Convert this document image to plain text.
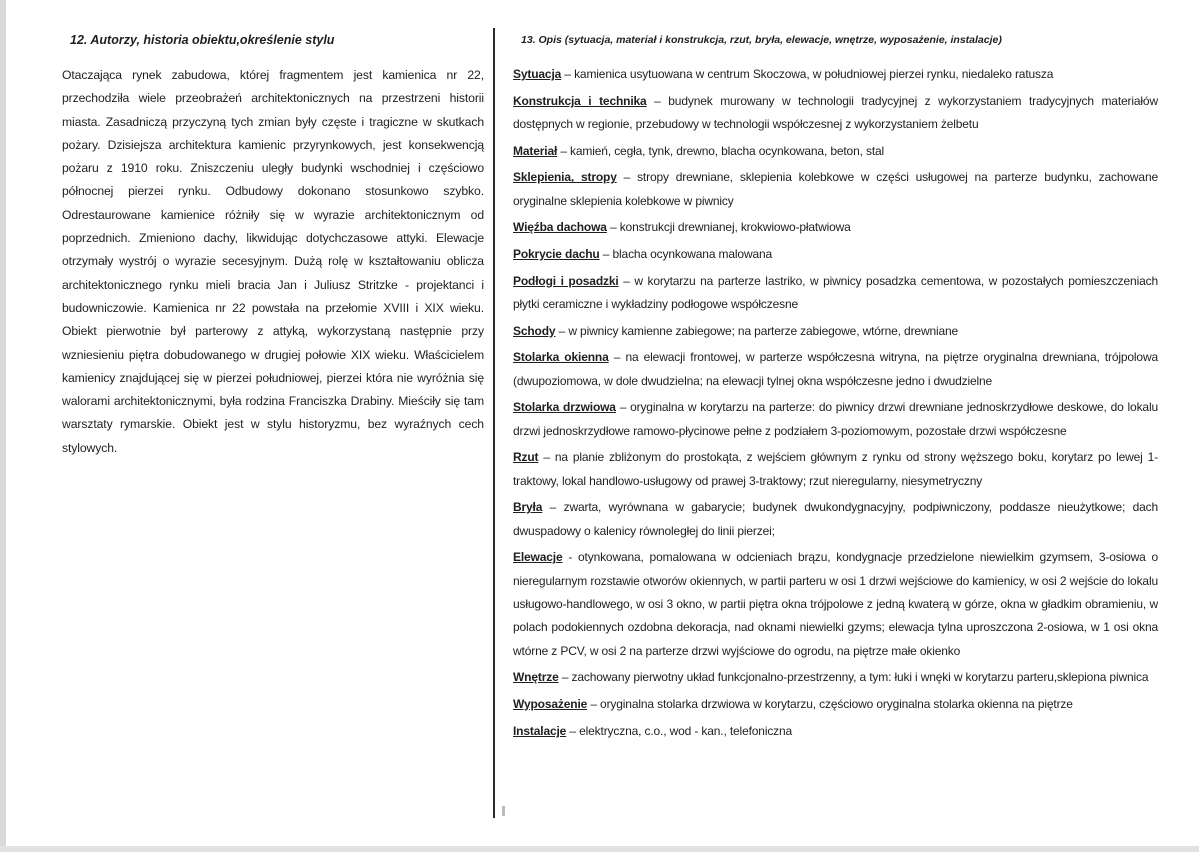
12. Autorzy, historia obiektu,określenie stylu

Otaczająca rynek zabudowa, której fragmentem jest kamienica nr 22, przechodziła wiele przeobrażeń architektonicznych na przestrzeni historii miasta. Zasadniczą przyczyną tych zmian były częste i tragiczne w skutkach pożary. Dzisiejsza architektura kamienic przyrynkowych, jest konsekwencją pożaru z 1910 roku. Zniszczeniu uległy budynki wschodniej i częściowo północnej pierzei rynku. Odbudowy dokonano stosunkowo szybko. Odrestaurowane kamienice różniły się w wyrazie architektonicznym od poprzednich. Zmieniono dachy, likwidując dotychczasowe attyki. Elewacje otrzymały wystrój o wyrazie secesyjnym. Dużą rolę w kształtowaniu oblicza architektonicznego rynku mieli bracia Jan i Juliusz Stritzke - projektanci i budowniczowie. Kamienica nr 22 powstała na przełomie XVIII i XIX wieku. Obiekt pierwotnie był parterowy z attyką, wykorzystaną następnie przy wzniesieniu piętra dobudowanego w drugiej połowie XIX wieku. Właścicielem kamienicy znajdującej się w pierzei południowej, pierzei która nie wyróżnia się walorami architektonicznymi, była rodzina Franciszka Drabiny. Mieściły się tam warsztaty rymarskie. Obiekt jest w stylu historyzmu, bez wyraźnych cech stylowych.

13. Opis (sytuacja, materiał i konstrukcja, rzut, bryła, elewacje, wnętrze, wyposażenie, instalacje)

Sytuacja – kamienica usytuowana w centrum Skoczowa, w południowej pierzei rynku, niedaleko ratusza

Konstrukcja i technika – budynek murowany w technologii tradycyjnej z wykorzystaniem tradycyjnych materiałów dostępnych w regionie, przebudowy w technologii współczesnej z wykorzystaniem żelbetu

Materiał – kamień, cegła, tynk, drewno, blacha ocynkowana, beton, stal

Sklepienia, stropy – stropy drewniane, sklepienia kolebkowe w części usługowej na parterze budynku, zachowane oryginalne sklepienia kolebkowe w piwnicy

Więźba dachowa – konstrukcji drewnianej, krokwiowo-płatwiowa

Pokrycie dachu – blacha ocynkowana malowana

Podłogi i posadzki – w korytarzu na parterze lastriko, w piwnicy posadzka cementowa, w pozostałych pomieszczeniach płytki ceramiczne i wykładziny podłogowe współczesne

Schody – w piwnicy kamienne zabiegowe; na parterze zabiegowe, wtórne, drewniane

Stolarka okienna – na elewacji frontowej, w parterze współczesna witryna, na piętrze oryginalna drewniana, trójpolowa (dwupoziomowa, w dole dwudzielna; na elewacji tylnej okna współczesne jedno i dwudzielne

Stolarka drzwiowa – oryginalna w korytarzu na parterze: do piwnicy drzwi drewniane jednoskrzydłowe deskowe, do lokalu drzwi jednoskrzydłowe ramowo-płycinowe pełne z podziałem 3-poziomowym, pozostałe drzwi współczesne

Rzut – na planie zbliżonym do prostokąta, z wejściem głównym z rynku od strony węższego boku, korytarz po lewej 1-traktowy, lokal handlowo-usługowy od prawej 3-traktowy; rzut nieregularny, niesymetryczny

Bryła – zwarta, wyrównana w gabarycie; budynek dwukondygnacyjny, podpiwniczony, poddasze nieużytkowe; dach dwuspadowy o kalenicy równoległej do linii pierzei;

Elewacje - otynkowana, pomalowana w odcieniach brązu, kondygnacje przedzielone niewielkim gzymsem, 3-osiowa o nieregularnym rozstawie otworów okiennych, w partii parteru w osi 1 drzwi wejściowe do kamienicy, w osi 2 wejście do lokalu usługowo-handlowego, w osi 3 okno, w partii piętra okna trójpolowe z jedną kwaterą w górze, okna w gładkim obramieniu, w polach podokiennych ozdobna dekoracja, nad oknami niewielki gzyms; elewacja tylna uproszczona 2-osiowa, w 1 osi okna wtórne z PCV, w osi 2 na parterze drzwi wyjściowe do ogrodu, na piętrze małe okienko

Wnętrze – zachowany pierwotny układ funkcjonalno-przestrzenny, a tym: łuki i wnęki w korytarzu parteru,sklepiona piwnica

Wyposażenie – oryginalna stolarka drzwiowa w korytarzu, częściowo oryginalna stolarka okienna na piętrze

Instalacje – elektryczna, c.o., wod - kan., telefoniczna
